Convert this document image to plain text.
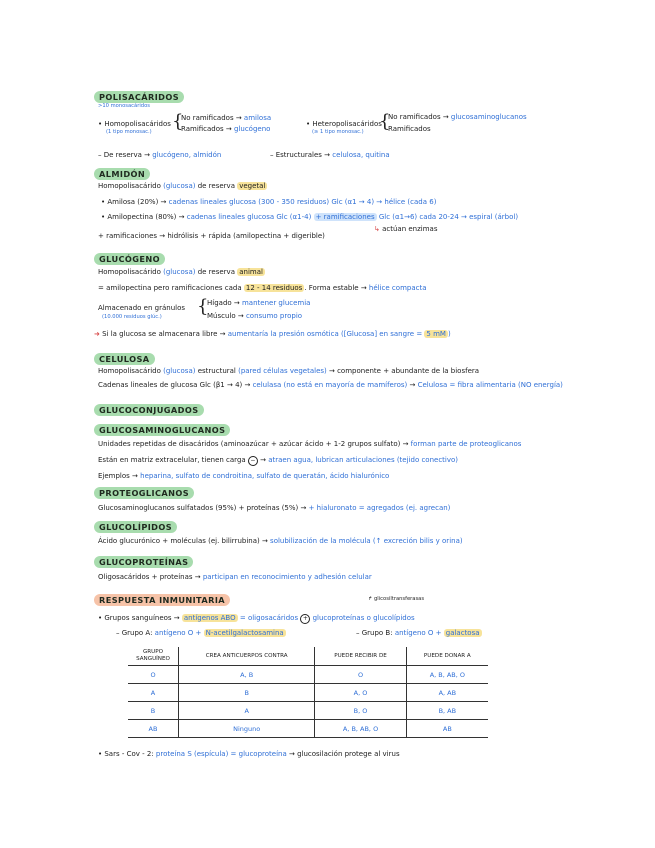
POLISACÁRIDOS
>10 monosacáridos
• Homopolisacáridos
(1 tipo monosac.) {
No ramificados → amilosa
Ramificados → glucógeno
• Heteropolisacáridos
(≥ 1 tipo monosac.) {
No ramificados → glucosaminoglucanos
Ramificados
– De reserva → glucógeno, almidón	– Estructurales → celulosa, quitina
ALMIDÓN
Homopolisacárido (glucosa) de reserva vegetal
• Amilosa (20%) → cadenas lineales glucosa (300 - 350 residuos) Glc (α1 → 4) → hélice (cada 6)
• Amilopectina (80%) → cadenas lineales glucosa Glc (α1-4) + ramificaciones Glc (α1→6) cada 20-24 → espiral (árbol)
+ ramificaciones → hidrólisis + rápida (amilopectina + digerible)
↳ actúan enzimas
GLUCÓGENO
Homopolisacárido (glucosa) de reserva animal
= amilopectina pero ramificaciones cada 12 - 14 residuos . Forma estable → hélice compacta
Almacenado en gránulos
(10.000 residuos glúc.) {
Hígado → mantener glucemia
Músculo → consumo propio
➜ Si la glucosa se almacenara libre → aumentaría la presión osmótica ([Glucosa] en sangre = 5 mM )
CELULOSA
Homopolisacárido (glucosa) estructural (pared células vegetales) → componente + abundante de la biosfera
Cadenas lineales de glucosa Glc (β1 → 4) → celulasa (no está en mayoría de mamíferos) → Celulosa = fibra alimentaria (NO energía)
GLUCOCONJUGADOS
GLUCOSAMINOGLUCANOS
Unidades repetidas de disacáridos (aminoazúcar + azúcar ácido + 1-2 grupos sulfato) → forman parte de proteoglicanos
Están en matriz extracelular, tienen carga − → atraen agua, lubrican articulaciones (tejido conectivo)
Ejemplos → heparina, sulfato de condroitina, sulfato de queratán, ácido hialurónico
PROTEOGLICANOS
Glucosaminoglucanos sulfatados (95%) + proteínas (5%) → + hialuronato = agregados (ej. agrecan)
GLUCOLÍPIDOS
Ácido glucurónico + moléculas (ej. bilirrubina) → solubilización de la molécula (↑ excreción bilis y orina)
GLUCOPROTEÍNAS
Oligosacáridos + proteínas → participan en reconocimiento y adhesión celular
RESPUESTA INMUNITARIA	↱ glicosiltransferasas
• Grupos sanguíneos → antígenos ABO = oligosacáridos + glucoproteínas o glucolípidos
– Grupo A: antígeno O + N-acetilgalactosamina	– Grupo B: antígeno O + galactosa
GRUPO SANGUÍNEO	CREA ANTICUERPOS CONTRA	PUEDE RECIBIR DE	PUEDE DONAR A
O	A, B	O	A, B, AB, O
A	B	A, O	A, AB
B	A	B, O	B, AB
AB	Ninguno	A, B, AB, O	AB
• Sars - Cov - 2: proteína S (espícula) = glucoproteína → glucosilación protege al virus
